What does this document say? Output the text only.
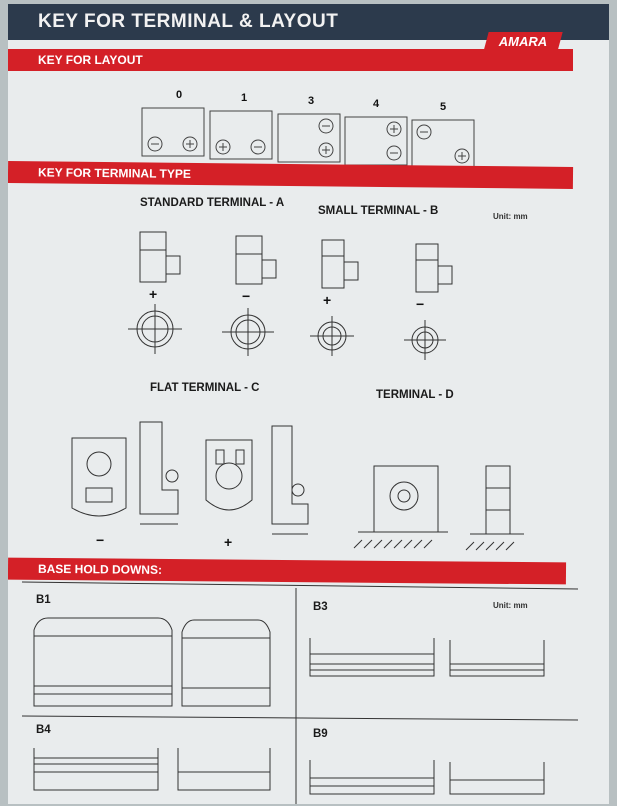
KEY FOR TERMINAL & LAYOUT
AMARA
KEY FOR LAYOUT
0	1	3	4	5
KEY FOR TERMINAL TYPE
STANDARD TERMINAL - A
SMALL TERMINAL - B	Unit: mm
FLAT TERMINAL - C
TERMINAL - D
+	−	+	−
−	+
BASE HOLD DOWNS:
B1
B3	Unit: mm
B4	B9
